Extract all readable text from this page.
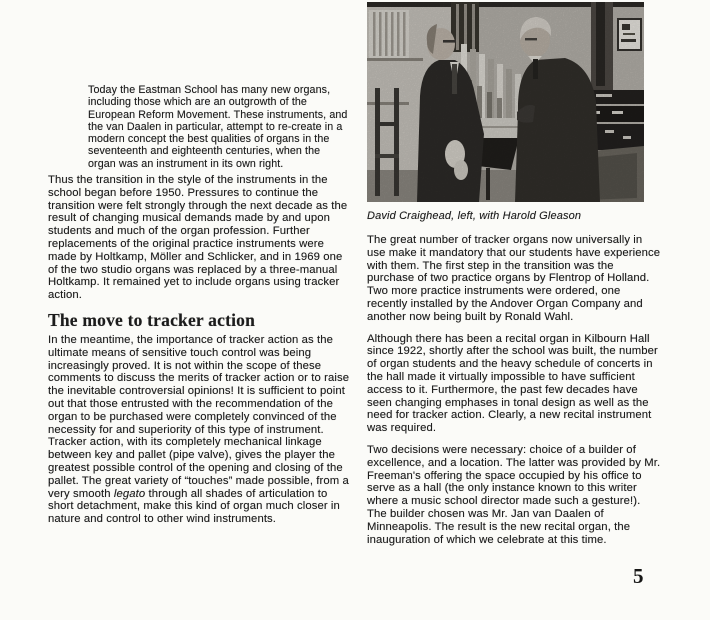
Today the Eastman School has many new organs, including those which are an outgrowth of the European Reform Movement. These instruments, and the van Daalen in particular, attempt to re-create in a modern concept the best qualities of organs in the seventeenth and eighteenth centuries, when the organ was an instrument in its own right.

Thus the transition in the style of the instruments in the school began before 1950. Pressures to continue the transition were felt strongly through the next decade as the result of changing musical demands made by and upon students and much of the organ profession. Further replacements of the original practice instruments were made by Holtkamp, Möller and Schlicker, and in 1969 one of the two studio organs was replaced by a three-manual Holtkamp. It remained yet to include organs using tracker action.

The move to tracker action

In the meantime, the importance of tracker action as the ultimate means of sensitive touch control was being increasingly proved. It is not within the scope of these comments to discuss the merits of tracker action or to raise the inevitable controversial opinions! It is sufficient to point out that those entrusted with the recommendation of the organ to be purchased were completely convinced of the necessity for and superiority of this type of instrument. Tracker action, with its completely mechanical linkage between key and pallet (pipe valve), gives the player the greatest possible control of the opening and closing of the pallet. The great variety of “touches” made possible, from a very smooth legato through all shades of articulation to short detachment, make this kind of organ much closer in nature and control to other wind instruments.

David Craighead, left, with Harold Gleason

The great number of tracker organs now universally in use make it mandatory that our students have experience with them. The first step in the transition was the purchase of two practice organs by Flentrop of Holland. Two more practice instruments were ordered, one recently installed by the Andover Organ Company and another now being built by Ronald Wahl.

Although there has been a recital organ in Kilbourn Hall since 1922, shortly after the school was built, the number of organ students and the heavy schedule of concerts in the hall made it virtually impossible to have sufficient access to it. Furthermore, the past few decades have seen changing emphases in tonal design as well as the need for tracker action. Clearly, a new recital instrument was required.

Two decisions were necessary: choice of a builder of excellence, and a location. The latter was provided by Mr. Freeman's offering the space occupied by his office to serve as a hall (the only instance known to this writer where a music school director made such a gesture!). The builder chosen was Mr. Jan van Daalen of Minneapolis. The result is the new recital organ, the inauguration of which we celebrate at this time.

5
